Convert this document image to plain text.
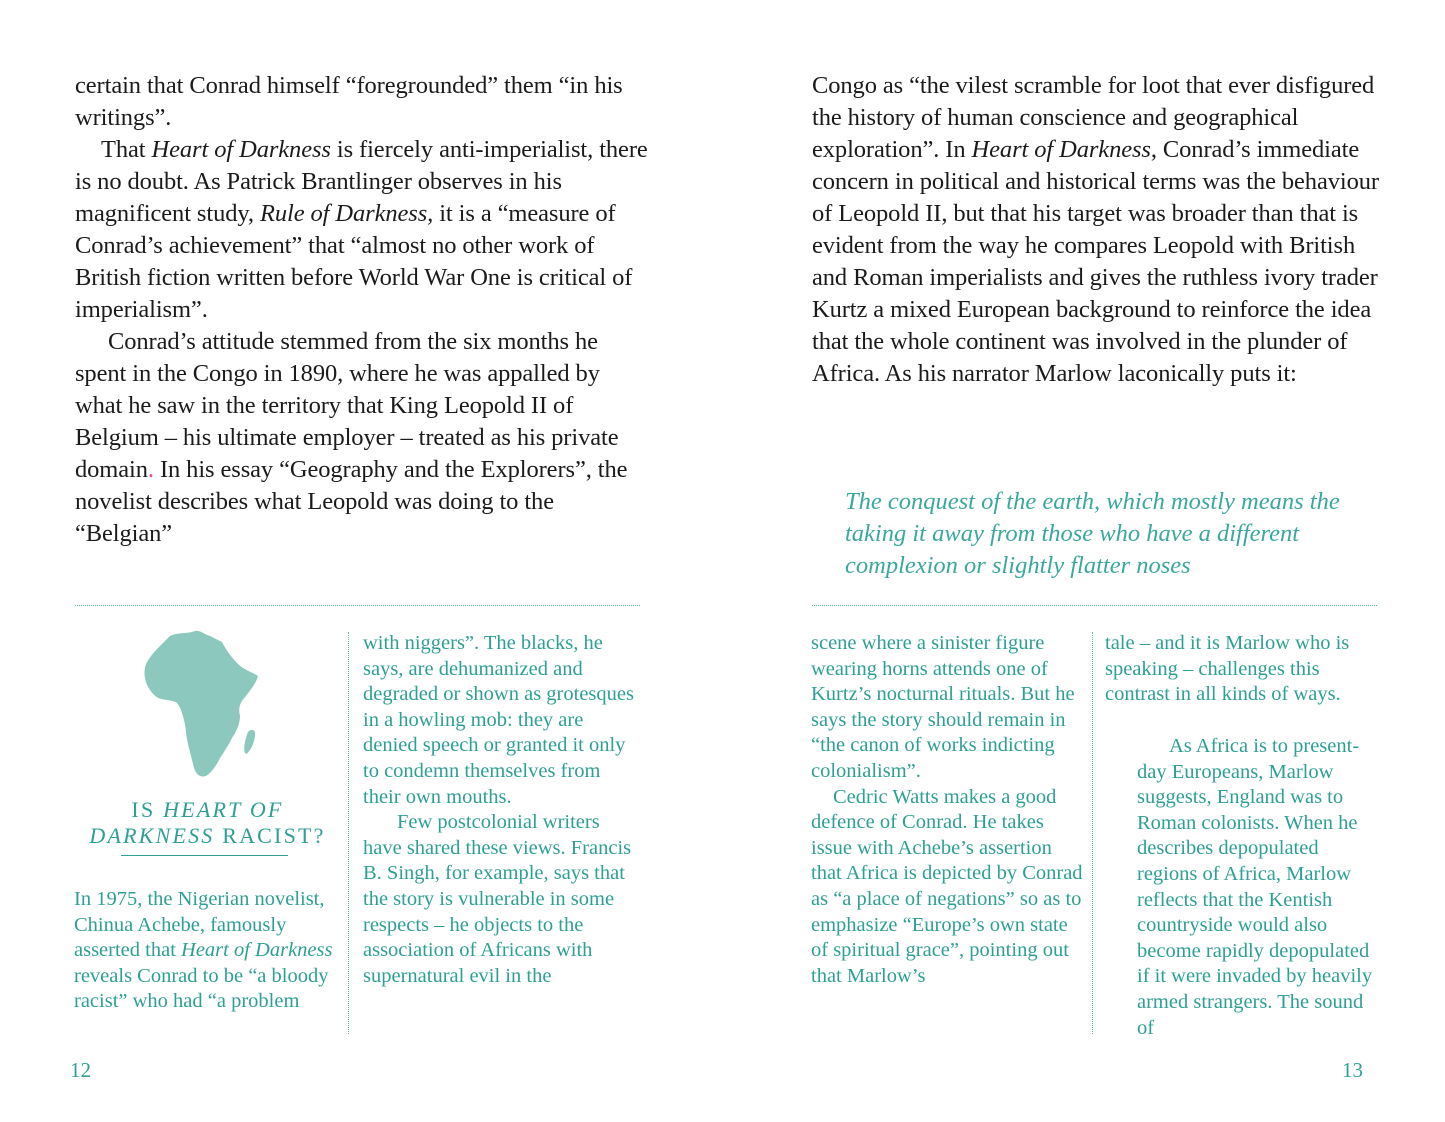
certain that Conrad himself “foregrounded” them “in his writings”.

That Heart of Darkness is fiercely anti-imperialist, there is no doubt. As Patrick Brantlinger observes in his magnificent study, Rule of Darkness, it is a “measure of Conrad’s achievement” that “almost no other work of British fiction written before World War One is critical of imperialism”.

Conrad’s attitude stemmed from the six months he spent in the Congo in 1890, where he was appalled by what he saw in the territory that King Leopold II of Belgium – his ultimate employer – treated as his private domain. In his essay “Geography and the Explorers”, the novelist describes what Leopold was doing to the “Belgian”

IS HEART OF DARKNESS RACIST?

In 1975, the Nigerian novelist, Chinua Achebe, famously asserted that Heart of Darkness reveals Conrad to be “a bloody racist” who had “a problem

with niggers”. The blacks, he says, are dehumanized and degraded or shown as grotesques in a howling mob: they are denied speech or granted it only to condemn themselves from their own mouths.

Few postcolonial writers have shared these views. Francis B. Singh, for example, says that the story is vulnerable in some respects – he objects to the association of Africans with supernatural evil in the

12

Congo as “the vilest scramble for loot that ever disfigured the history of human conscience and geographical exploration”. In Heart of Darkness, Conrad’s immediate concern in political and historical terms was the behaviour of Leopold II, but that his target was broader than that is evident from the way he compares Leopold with British and Roman imperialists and gives the ruthless ivory trader Kurtz a mixed European background to reinforce the idea that the whole continent was involved in the plunder of Africa. As his narrator Marlow laconically puts it:

The conquest of the earth, which mostly means the taking it away from those who have a different complexion or slightly flatter noses

scene where a sinister figure wearing horns attends one of Kurtz’s nocturnal rituals. But he says the story should remain in “the canon of works indicting colonialism”.

Cedric Watts makes a good defence of Conrad. He takes issue with Achebe’s assertion that Africa is depicted by Conrad as “a place of negations” so as to emphasize “Europe’s own state of spiritual grace”, pointing out that Marlow’s

tale – and it is Marlow who is speaking – challenges this contrast in all kinds of ways.

As Africa is to present-day Europeans, Marlow suggests, England was to Roman colonists. When he describes depopulated regions of Africa, Marlow reflects that the Kentish countryside would also become rapidly depopulated if it were invaded by heavily armed strangers. The sound of

13
